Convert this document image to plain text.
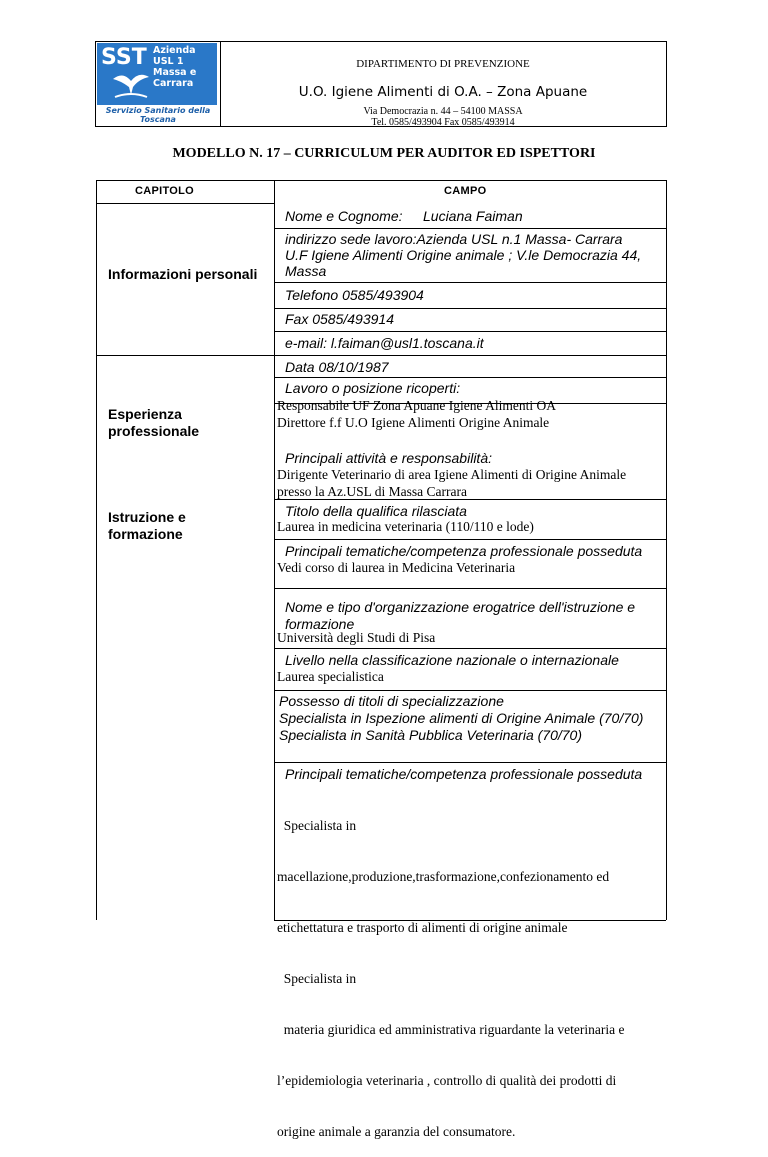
SST Azienda
USL 1
Massa e
Carrara
Servizio Sanitario della Toscana
DIPARTIMENTO DI PREVENZIONE
U.O. Igiene Alimenti di O.A. – Zona Apuane
Via Democrazia n. 44 – 54100 MASSA
Tel. 0585/493904 Fax 0585/493914
MODELLO N. 17 – CURRICULUM PER AUDITOR ED ISPETTORI
CAPITOLO	CAMPO
Informazioni personali
Esperienza
professionale
Istruzione e
formazione
Nome e Cognome: Luciana Faiman
indirizzo sede lavoro:Azienda USL n.1 Massa- Carrara
U.F Igiene Alimenti Origine animale ; V.le Democrazia 44,
Massa
Telefono 0585/493904
Fax 0585/493914
e-mail: l.faiman@usl1.toscana.it
Data 08/10/1987
Lavoro o posizione ricoperti:
Responsabile UF Zona Apuane Igiene Alimenti OA
Direttore f.f U.O Igiene Alimenti Origine Animale
Principali attività e responsabilità:
Dirigente Veterinario di area Igiene Alimenti di Origine Animale
presso la Az.USL di Massa Carrara
Titolo della qualifica rilasciata
Laurea in medicina veterinaria (110/110 e lode)
Principali tematiche/competenza professionale posseduta
Vedi corso di laurea in Medicina Veterinaria
Nome e tipo d'organizzazione erogatrice dell'istruzione e
formazione
Università degli Studi di Pisa
Livello nella classificazione nazionale o internazionale
Laurea specialistica
Possesso di titoli di specializzazione
Specialista in Ispezione alimenti di Origine Animale (70/70)
Specialista in Sanità Pubblica Veterinaria (70/70)
Principali tematiche/competenza professionale posseduta

Specialista in

macellazione,produzione,trasformazione,confezionamento ed

etichettatura e trasporto di alimenti di origine animale

Specialista in

materia giuridica ed amministrativa riguardante la veterinaria e

l’epidemiologia veterinaria , controllo di qualità dei prodotti di

origine animale a garanzia del consumatore.
